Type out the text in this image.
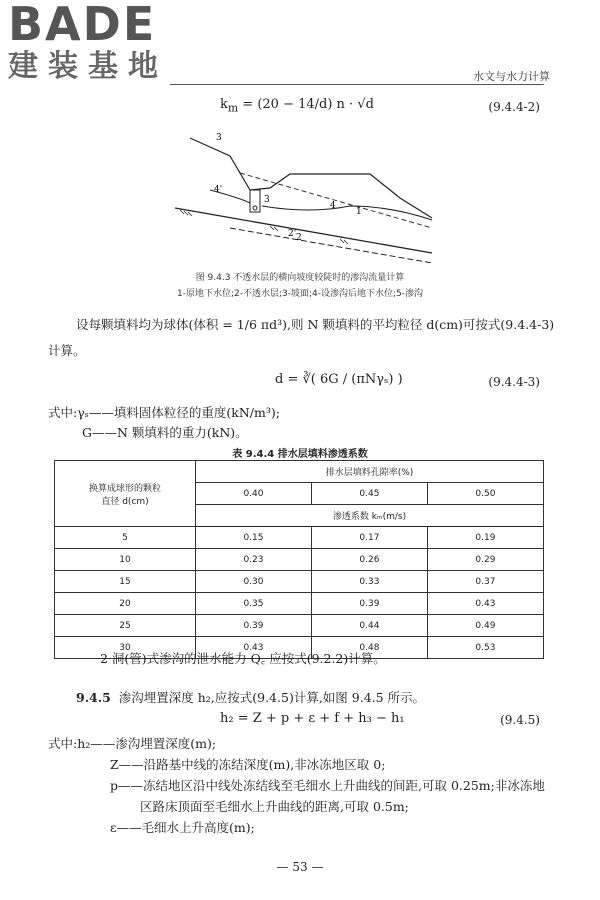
BADE
建装基地	水文与水力计算
$k_m = (20 - 14/d) n \cdot √d$	(9.4.4-2)
3
4'
2
3
4
1
2'
图 9.4.3 不透水层的横向坡度较陡时的渗沟流量计算
1-原地下水位;2-不透水层;3-坡面;4-设渗沟后地下水位;5-渗沟
设每颗填料均为球体(体积 = 1/6 πd³),则 N 颗填料的平均粒径 d(cm)可按式(9.4.4-3)
计算。
d = ∛( 6G / (πNγₛ) )	(9.4.4-3)
式中:γₛ——填料固体粒径的重度(kN/m³);
G——N 颗填料的重力(kN)。
表 9.4.4 排水层填料渗透系数
换算成球形的颗粒
直径 d(cm)	排水层填料孔隙率(%)		
	0.40	0.45	0.50
	渗透系数 kₘ(m/s)		
5	0.15	0.17	0.19
10	0.23	0.26	0.29
15	0.30	0.33	0.37
20	0.35	0.39	0.43
25	0.39	0.44	0.49
30	0.43	0.48	0.53
2 洞(管)式渗沟的泄水能力 Q꜀ 应按式(9.2.2)计算。
9.4.5 渗沟埋置深度 h₂,应按式(9.4.5)计算,如图 9.4.5 所示。
h₂ = Z + p + ε + f + h₃ − h₁	(9.4.5)
式中:h₂——渗沟埋置深度(m);
Z——沿路基中线的冻结深度(m),非冰冻地区取 0;
p——冻结地区沿中线处冻结线至毛细水上升曲线的间距,可取 0.25m;非冰冻地
区路床顶面至毛细水上升曲线的距离,可取 0.5m;
ε——毛细水上升高度(m);
— 53 —
